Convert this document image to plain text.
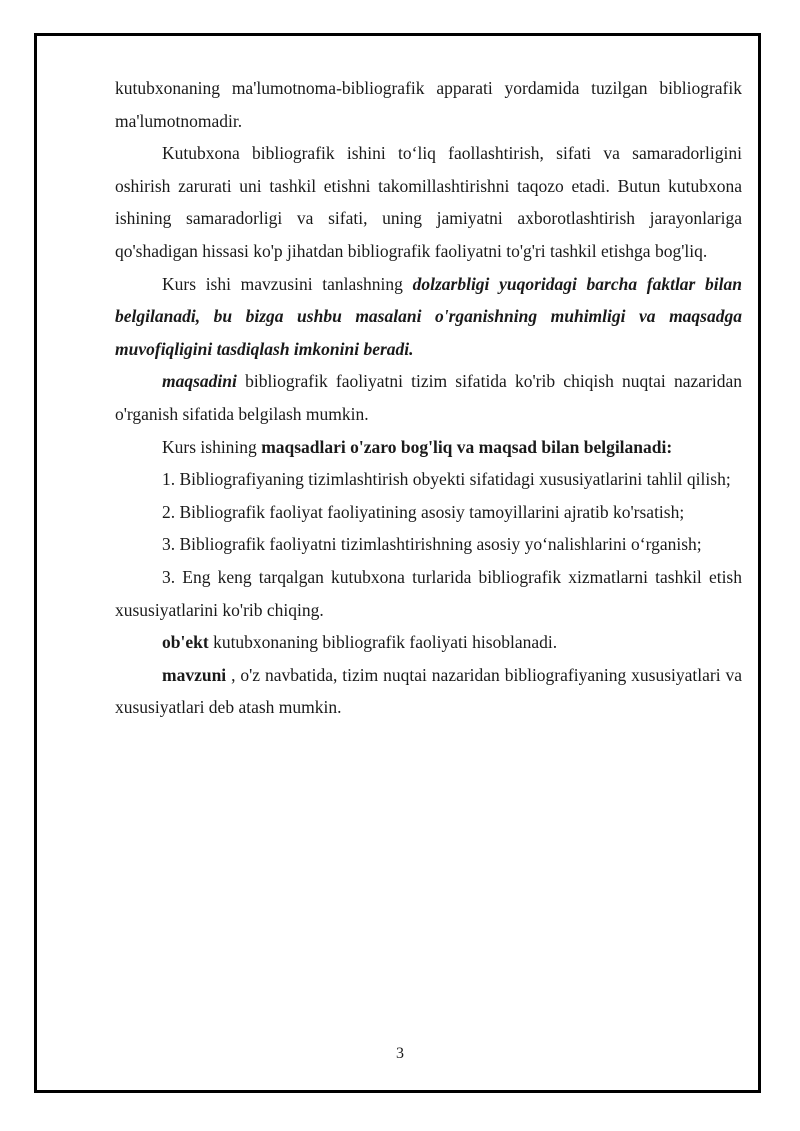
kutubxonaning ma'lumotnoma-bibliografik apparati yordamida tuzilgan bibliografik ma'lumotnomadir.

Kutubxona bibliografik ishini to‘liq faollashtirish, sifati va samaradorligini oshirish zarurati uni tashkil etishni takomillashtirishni taqozo etadi. Butun kutubxona ishining samaradorligi va sifati, uning jamiyatni axborotlashtirish jarayonlariga qo'shadigan hissasi ko'p jihatdan bibliografik faoliyatni to'g'ri tashkil etishga bog'liq.

Kurs ishi mavzusini tanlashning dolzarbligi yuqoridagi barcha faktlar bilan belgilanadi, bu bizga ushbu masalani o'rganishning muhimligi va maqsadga muvofiqligini tasdiqlash imkonini beradi.

maqsadini bibliografik faoliyatni tizim sifatida ko'rib chiqish nuqtai nazaridan o'rganish sifatida belgilash mumkin.

Kurs ishining maqsadlari o'zaro bog'liq va maqsad bilan belgilanadi:

1. Bibliografiyaning tizimlashtirish obyekti sifatidagi xususiyatlarini tahlil qilish;

2. Bibliografik faoliyat faoliyatining asosiy tamoyillarini ajratib ko'rsatish;

3. Bibliografik faoliyatni tizimlashtirishning asosiy yo‘nalishlarini o‘rganish;

3. Eng keng tarqalgan kutubxona turlarida bibliografik xizmatlarni tashkil etish xususiyatlarini ko'rib chiqing.

ob'ekt kutubxonaning bibliografik faoliyati hisoblanadi.

mavzuni , o'z navbatida, tizim nuqtai nazaridan bibliografiyaning xususiyatlari va xususiyatlari deb atash mumkin.

3
